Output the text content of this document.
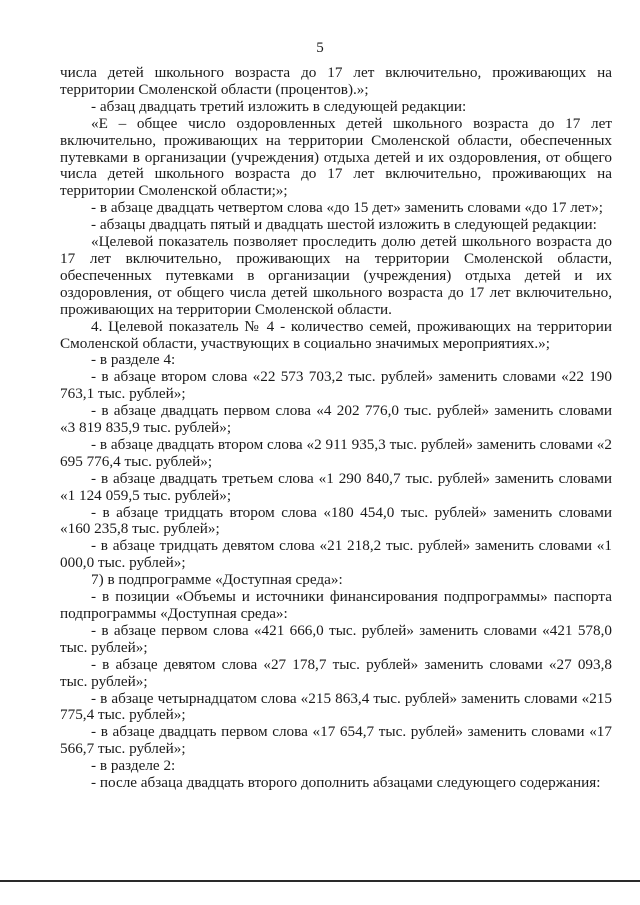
5

числа детей школьного возраста до 17 лет включительно, проживающих на территории Смоленской области (процентов).»;

- абзац двадцать третий изложить в следующей редакции:

«Е – общее число оздоровленных детей школьного возраста до 17 лет включительно, проживающих на территории Смоленской области, обеспеченных путевками в организации (учреждения) отдыха детей и их оздоровления, от общего числа детей школьного возраста до 17 лет включительно, проживающих на территории Смоленской области;»;

- в абзаце двадцать четвертом слова «до 15 дет» заменить словами «до 17 лет»;

- абзацы двадцать пятый и двадцать шестой изложить в следующей редакции:

«Целевой показатель позволяет проследить долю детей школьного возраста до 17 лет включительно, проживающих на территории Смоленской области, обеспеченных путевками в организации (учреждения) отдыха детей и их оздоровления, от общего числа детей школьного возраста до 17 лет включительно, проживающих на территории Смоленской области.

4. Целевой показатель № 4 - количество семей, проживающих на территории Смоленской области, участвующих в социально значимых мероприятиях.»;

- в разделе 4:

- в абзаце втором слова «22 573 703,2 тыс. рублей» заменить словами «22 190 763,1 тыс. рублей»;

- в абзаце двадцать первом слова «4 202 776,0 тыс. рублей» заменить словами «3 819 835,9 тыс. рублей»;

- в абзаце двадцать втором слова «2 911 935,3 тыс. рублей» заменить словами «2 695 776,4 тыс. рублей»;

- в абзаце двадцать третьем слова «1 290 840,7 тыс. рублей» заменить словами «1 124 059,5 тыс. рублей»;

- в абзаце тридцать втором слова «180 454,0 тыс. рублей» заменить словами «160 235,8 тыс. рублей»;

- в абзаце тридцать девятом слова «21 218,2 тыс. рублей» заменить словами «1 000,0 тыс. рублей»;

7) в подпрограмме «Доступная среда»:

- в позиции «Объемы и источники финансирования подпрограммы» паспорта подпрограммы «Доступная среда»:

- в абзаце первом слова «421 666,0 тыс. рублей» заменить словами «421 578,0 тыс. рублей»;

- в абзаце девятом слова «27 178,7 тыс. рублей» заменить словами «27 093,8 тыс. рублей»;

- в абзаце четырнадцатом слова «215 863,4 тыс. рублей» заменить словами «215 775,4 тыс. рублей»;

- в абзаце двадцать первом слова «17 654,7 тыс. рублей» заменить словами «17 566,7 тыс. рублей»;

- в разделе 2:

- после абзаца двадцать второго дополнить абзацами следующего содержания:
